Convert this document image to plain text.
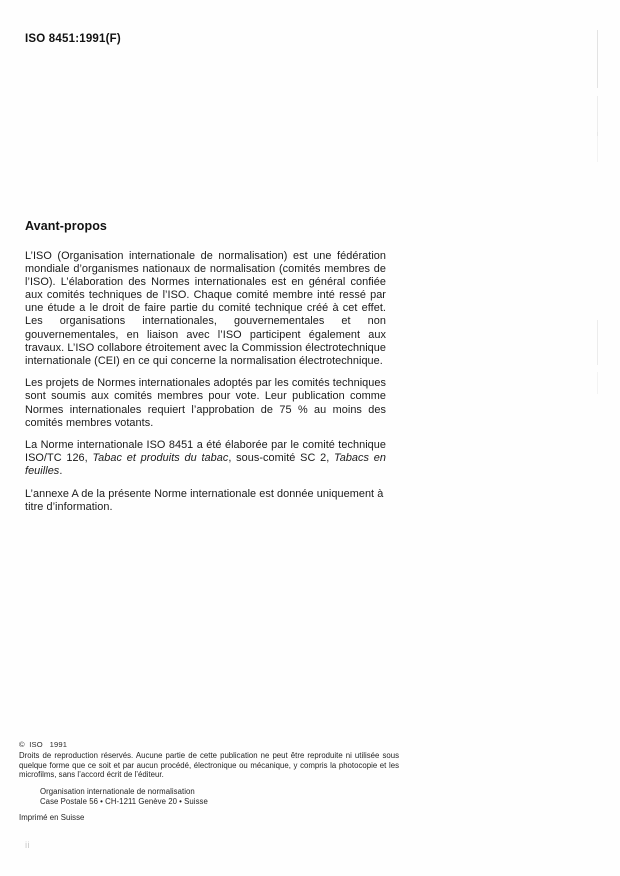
ISO 8451:1991(F)
Avant-propos

L’ISO (Organisation internationale de normalisation) est une fédération mondiale d’organismes nationaux de normalisation (comités membres de l’ISO). L’élaboration des Normes internationales est en général confiée aux comités techniques de l’ISO. Chaque comité membre inté ressé par une étude a le droit de faire partie du comité technique créé à cet effet. Les organisations internationales, gouvernementales et non gouvernementales, en liaison avec l’ISO participent également aux travaux. L’ISO collabore étroitement avec la Commission électrotechnique internationale (CEI) en ce qui concerne la normalisation électrotechnique.

Les projets de Normes internationales adoptés par les comités techniques sont soumis aux comités membres pour vote. Leur publication comme Normes internationales requiert l’approbation de 75 % au moins des comités membres votants.

La Norme internationale ISO 8451 a été élaborée par le comité technique ISO/TC 126, Tabac et produits du tabac, sous-comité SC 2, Tabacs en feuilles.

L’annexe A de la présente Norme internationale est donnée uniquement à titre d’information.

©  ISO   1991
Droits de reproduction réservés. Aucune partie de cette publication ne peut être reproduite ni utilisée sous quelque forme que ce soit et par aucun procédé, électronique ou mécanique, y compris la photocopie et les microfilms, sans l’accord écrit de l’éditeur.
Organisation internationale de normalisation
Case Postale 56 • CH-1211 Genève 20 • Suisse
Imprimé en Suisse
ii
